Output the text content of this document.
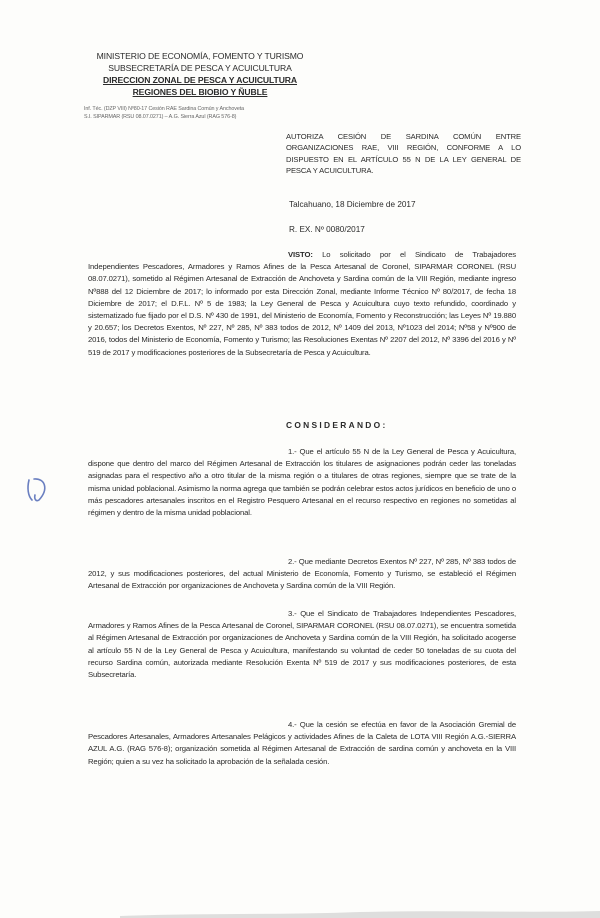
MINISTERIO DE ECONOMÍA, FOMENTO Y TURISMO
SUBSECRETARÍA DE PESCA Y ACUICULTURA
DIRECCION ZONAL DE PESCA Y ACUICULTURA
REGIONES DEL BIOBIO Y ÑUBLE
Inf. Téc. (DZP VIII) Nº80-17 Cesión RAE Sardina Común y Anchoveta
S.I. SIPARMAR (RSU 08.07.0271) – A.G. Sierra Azul (RAG 576-8)
AUTORIZA CESIÓN DE SARDINA COMÚN ENTRE ORGANIZACIONES RAE, VIII REGIÓN, CONFORME A LO DISPUESTO EN EL ARTÍCULO 55 N DE LA LEY GENERAL DE PESCA Y ACUICULTURA.
Talcahuano, 18 Diciembre de 2017
R. EX. Nº 0080/2017
VISTO: Lo solicitado por el Sindicato de Trabajadores Independientes Pescadores, Armadores y Ramos Afines de la Pesca Artesanal de Coronel, SIPARMAR CORONEL (RSU 08.07.0271), sometido al Régimen Artesanal de Extracción de Anchoveta y Sardina común de la VIII Región, mediante ingreso Nº888 del 12 Diciembre de 2017; lo informado por esta Dirección Zonal, mediante Informe Técnico Nº 80/2017, de fecha 18 Diciembre de 2017; el D.F.L. Nº 5 de 1983; la Ley General de Pesca y Acuicultura cuyo texto refundido, coordinado y sistematizado fue fijado por el D.S. Nº 430 de 1991, del Ministerio de Economía, Fomento y Reconstrucción; las Leyes Nº 19.880 y 20.657; los Decretos Exentos, Nº 227, Nº 285, Nº 383 todos de 2012, Nº 1409 del 2013, Nº1023 del 2014; Nº58 y Nº900 de 2016, todos del Ministerio de Economía, Fomento y Turismo; las Resoluciones Exentas Nº 2207 del 2012, Nº 3396 del 2016 y Nº 519 de 2017 y modificaciones posteriores de la Subsecretaría de Pesca y Acuicultura.
CONSIDERANDO:
1.- Que el artículo 55 N de la Ley General de Pesca y Acuicultura, dispone que dentro del marco del Régimen Artesanal de Extracción los titulares de asignaciones podrán ceder las toneladas asignadas para el respectivo año a otro titular de la misma región o a titulares de otras regiones, siempre que se trate de la misma unidad poblacional. Asimismo la norma agrega que también se podrán celebrar estos actos jurídicos en beneficio de uno o más pescadores artesanales inscritos en el Registro Pesquero Artesanal en el recurso respectivo en regiones no sometidas al régimen y dentro de la misma unidad poblacional.
2.- Que mediante Decretos Exentos Nº 227, Nº 285, Nº 383 todos de 2012, y sus modificaciones posteriores, del actual Ministerio de Economía, Fomento y Turismo, se estableció el Régimen Artesanal de Extracción por organizaciones de Anchoveta y Sardina común de la VIII Región.
3.- Que el Sindicato de Trabajadores Independientes Pescadores, Armadores y Ramos Afines de la Pesca Artesanal de Coronel, SIPARMAR CORONEL (RSU 08.07.0271), se encuentra sometida al Régimen Artesanal de Extracción por organizaciones de Anchoveta y Sardina común de la VIII Región, ha solicitado acogerse al artículo 55 N de la Ley General de Pesca y Acuicultura, manifestando su voluntad de ceder 50 toneladas de su cuota del recurso Sardina común, autorizada mediante Resolución Exenta Nº 519 de 2017 y sus modificaciones posteriores, de esta Subsecretaría.
4.- Que la cesión se efectúa en favor de la Asociación Gremial de Pescadores Artesanales, Armadores Artesanales Pelágicos y actividades Afines de la Caleta de LOTA VIII Región A.G.-SIERRA AZUL A.G. (RAG 576-8); organización sometida al Régimen Artesanal de Extracción de sardina común y anchoveta en la VIII Región; quien a su vez ha solicitado la aprobación de la señalada cesión.
